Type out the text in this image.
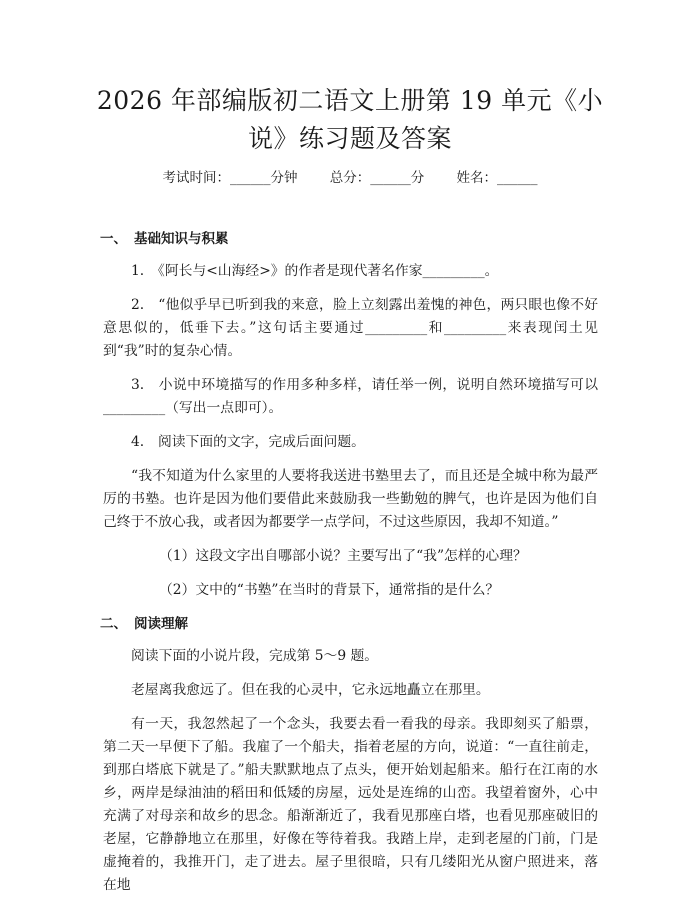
2026 年部编版初二语文上册第 19 单元《小
说》练习题及答案
考试时间：______分钟 总分：______分 姓名：______
一、 基础知识与积累

1.　《阿长与<山海经>》的作者是现代著名作家_________。

2.　“他似乎早已听到我的来意，脸上立刻露出羞愧的神色，两只眼也像不好意思似的，低垂下去。”这句话主要通过_________和_________来表现闰土见到“我”时的复杂心情。

3.　小说中环境描写的作用多种多样，请任举一例，说明自然环境描写可以_________（写出一点即可）。

4.　阅读下面的文字，完成后面问题。

“我不知道为什么家里的人要将我送进书塾里去了，而且还是全城中称为最严厉的书塾。也许是因为他们要借此来鼓励我一些勤勉的脾气，也许是因为他们自己终于不放心我，或者因为都要学一点学问，不过这些原因，我却不知道。”

（1）这段文字出自哪部小说？主要写出了“我”怎样的心理？

（2）文中的“书塾”在当时的背景下，通常指的是什么？

二、 阅读理解

阅读下面的小说片段，完成第 5～9 题。

老屋离我愈远了。但在我的心灵中，它永远地矗立在那里。

有一天，我忽然起了一个念头，我要去看一看我的母亲。我即刻买了船票，第二天一早便下了船。我雇了一个船夫，指着老屋的方向，说道：“一直往前走，到那白塔底下就是了。”船夫默默地点了点头，便开始划起船来。船行在江南的水乡，两岸是绿油油的稻田和低矮的房屋，远处是连绵的山峦。我望着窗外，心中充满了对母亲和故乡的思念。船渐渐近了，我看见那座白塔，也看见那座破旧的老屋，它静静地立在那里，好像在等待着我。我踏上岸，走到老屋的门前，门是虚掩着的，我推开门，走了进去。屋子里很暗，只有几缕阳光从窗户照进来，落在地
